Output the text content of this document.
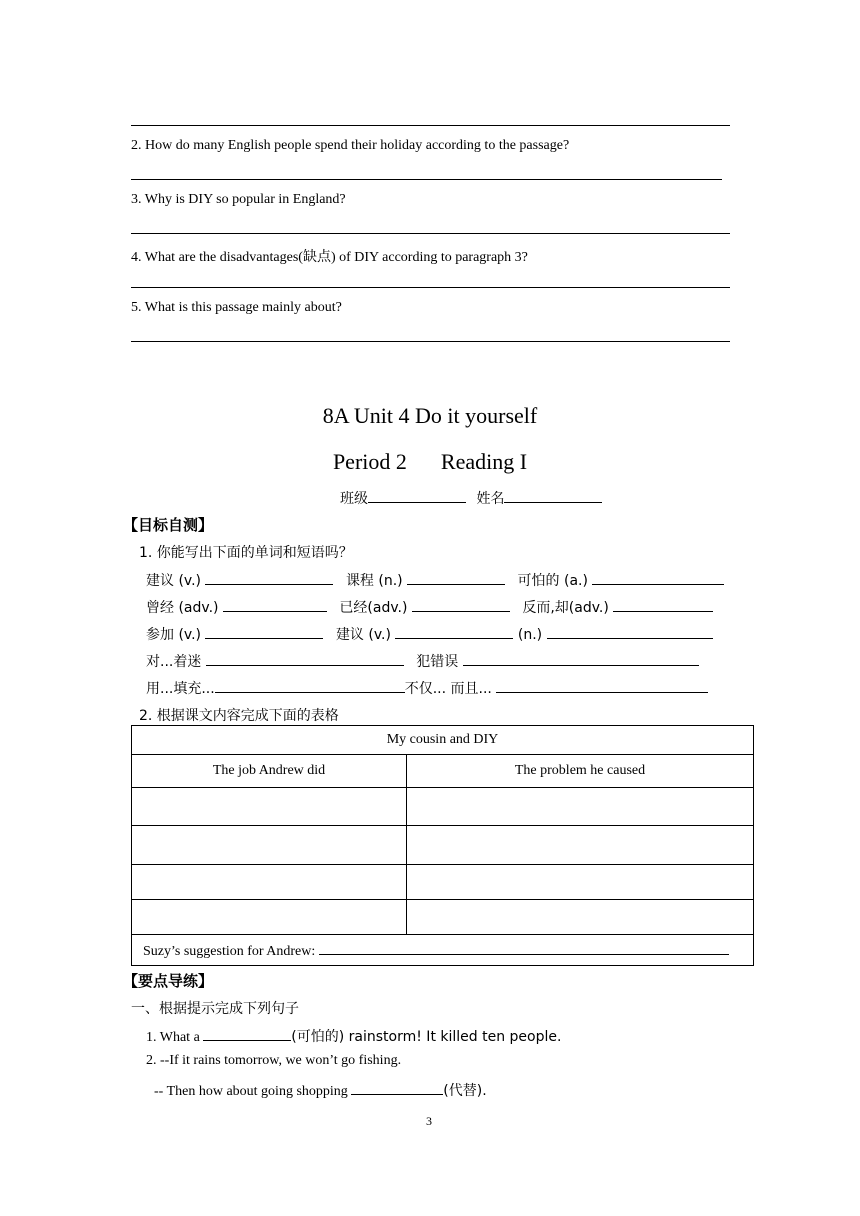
2. How do many English people spend their holiday according to the passage?
3. Why is DIY so popular in England?
4. What are the disadvantages(缺点) of DIY according to paragraph 3?
5. What is this passage mainly about?
8A Unit 4 Do it yourself
Period 2 Reading I
班级	姓名
【目标自测】
1. 你能写出下面的单词和短语吗？
建议 (v.)	课程 (n.)	可怕的 (a.)
曾经 (adv.)	已经(adv.)	反而,却(adv.)
参加 (v.)	建议 (v.)	(n.)
对...着迷	犯错误
用...填充...	不仅... 而且...
2. 根据课文内容完成下面的表格
My cousin and DIY	
The job Andrew did	The problem he caused

Suzy’s suggestion for Andrew:	
【要点导练】
一、根据提示完成下列句子
1. What a	(可怕的) rainstorm! It killed ten people.
2. --If it rains tomorrow, we won’t go fishing.
-- Then how about going shopping	(代替).
3
